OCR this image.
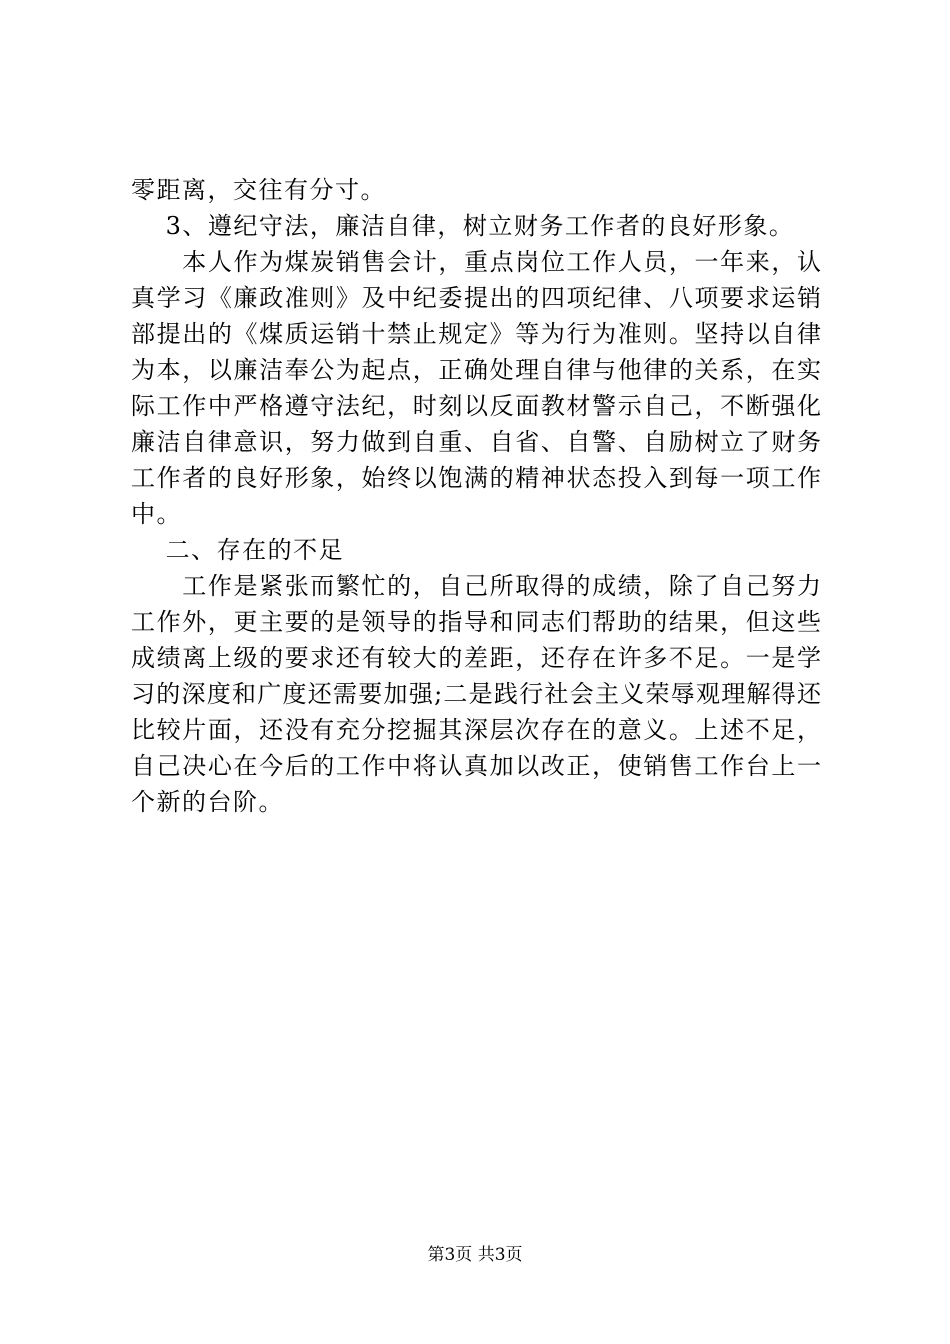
零距离，交往有分寸。
　 3、遵纪守法，廉洁自律，树立财务工作者的良好形象。
　　本人作为煤炭销售会计，重点岗位工作人员，一年来，认
真学习《廉政准则》及中纪委提出的四项纪律、八项要求运销
部提出的《煤质运销十禁止规定》等为行为准则。坚持以自律
为本，以廉洁奉公为起点，正确处理自律与他律的关系，在实
际工作中严格遵守法纪，时刻以反面教材警示自己，不断强化
廉洁自律意识，努力做到自重、自省、自警、自励树立了财务
工作者的良好形象，始终以饱满的精神状态投入到每一项工作
中。
　 二、存在的不足
　　工作是紧张而繁忙的，自己所取得的成绩，除了自己努力
工作外，更主要的是领导的指导和同志们帮助的结果，但这些
成绩离上级的要求还有较大的差距，还存在许多不足。一是学
习的深度和广度还需要加强;二是践行社会主义荣辱观理解得还
比较片面，还没有充分挖掘其深层次存在的意义。上述不足，
自己决心在今后的工作中将认真加以改正，使销售工作台上一
个新的台阶。
第3页 共3页
